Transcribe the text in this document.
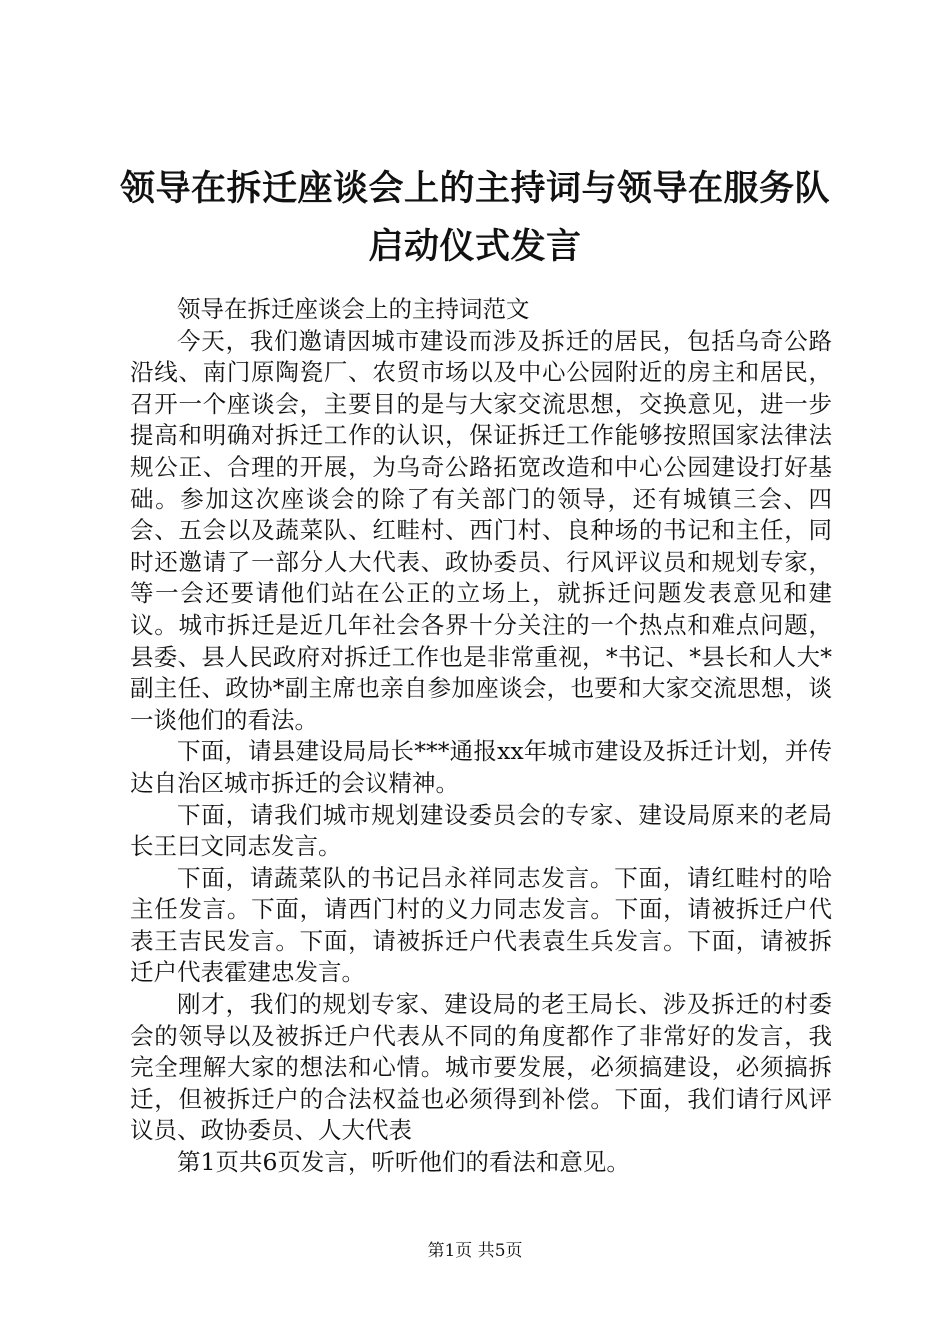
领导在拆迁座谈会上的主持词与领导在服务队
启动仪式发言

领导在拆迁座谈会上的主持词范文

今天，我们邀请因城市建设而涉及拆迁的居民，包括乌奇公路沿线、南门原陶瓷厂、农贸市场以及中心公园附近的房主和居民，召开一个座谈会，主要目的是与大家交流思想，交换意见，进一步提高和明确对拆迁工作的认识，保证拆迁工作能够按照国家法律法规公正、合理的开展，为乌奇公路拓宽改造和中心公园建设打好基础。参加这次座谈会的除了有关部门的领导，还有城镇三会、四会、五会以及蔬菜队、红畦村、西门村、良种场的书记和主任，同时还邀请了一部分人大代表、政协委员、行风评议员和规划专家，等一会还要请他们站在公正的立场上，就拆迁问题发表意见和建议。城市拆迁是近几年社会各界十分关注的一个热点和难点问题，县委、县人民政府对拆迁工作也是非常重视，*书记、*县长和人大*副主任、政协*副主席也亲自参加座谈会，也要和大家交流思想，谈一谈他们的看法。

下面，请县建设局局长***通报xx年城市建设及拆迁计划，并传达自治区城市拆迁的会议精神。

下面，请我们城市规划建设委员会的专家、建设局原来的老局长王曰文同志发言。

下面，请蔬菜队的书记吕永祥同志发言。下面，请红畦村的哈主任发言。下面，请西门村的义力同志发言。下面，请被拆迁户代表王吉民发言。下面，请被拆迁户代表袁生兵发言。下面，请被拆迁户代表霍建忠发言。

刚才，我们的规划专家、建设局的老王局长、涉及拆迁的村委会的领导以及被拆迁户代表从不同的角度都作了非常好的发言，我完全理解大家的想法和心情。城市要发展，必须搞建设，必须搞拆迁，但被拆迁户的合法权益也必须得到补偿。下面，我们请行风评议员、政协委员、人大代表

第1页共6页发言，听听他们的看法和意见。

第1页 共5页
